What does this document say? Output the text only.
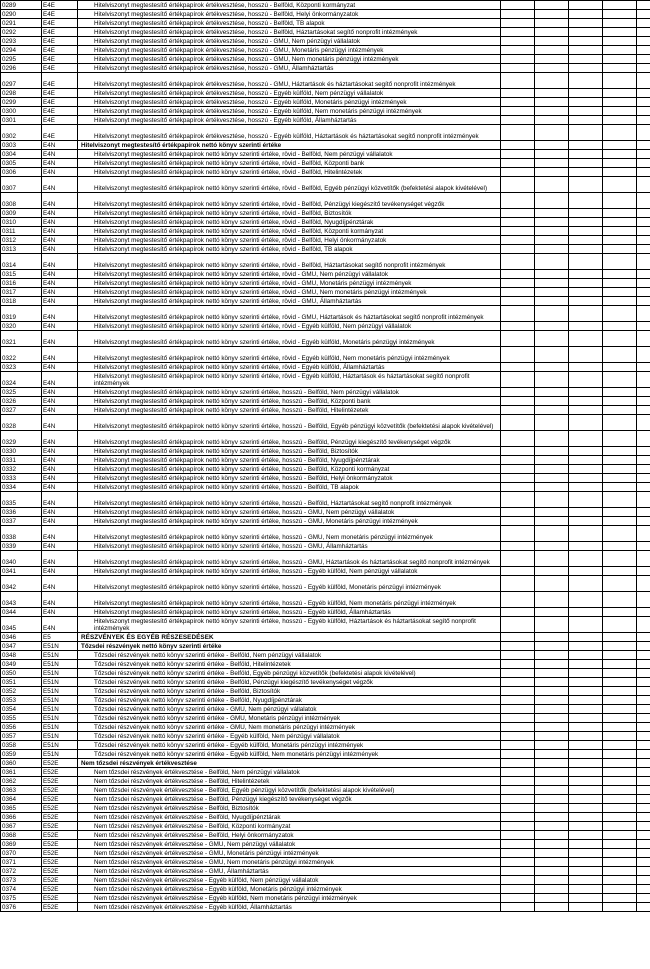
0289	E4E	Hitelviszonyt megtestesítő értékpapírok értékvesztése, hosszú - Belföld, Központi kormányzat					
0290	E4E	Hitelviszonyt megtestesítő értékpapírok értékvesztése, hosszú - Belföld, Helyi önkormányzatok					
0291	E4E	Hitelviszonyt megtestesítő értékpapírok értékvesztése, hosszú - Belföld, TB alapok					
0292	E4E	Hitelviszonyt megtestesítő értékpapírok értékvesztése, hosszú - Belföld, Háztartásokat segítő nonprofit intézmények					
0293	E4E	Hitelviszonyt megtestesítő értékpapírok értékvesztése, hosszú - GMU, Nem pénzügyi vállalatok					
0294	E4E	Hitelviszonyt megtestesítő értékpapírok értékvesztése, hosszú - GMU, Monetáris pénzügyi intézmények					
0295	E4E	Hitelviszonyt megtestesítő értékpapírok értékvesztése, hosszú - GMU, Nem monetáris pénzügyi intézmények					
0296	E4E	Hitelviszonyt megtestesítő értékpapírok értékvesztése, hosszú - GMU, Államháztartás					
0297	E4E	Hitelviszonyt megtestesítő értékpapírok értékvesztése, hosszú - GMU, Háztartások és háztartásokat segítő nonprofit intézmények					
0298	E4E	Hitelviszonyt megtestesítő értékpapírok értékvesztése, hosszú - Egyéb külföld, Nem pénzügyi vállalatok					
0299	E4E	Hitelviszonyt megtestesítő értékpapírok értékvesztése, hosszú - Egyéb külföld, Monetáris pénzügyi intézmények					
0300	E4E	Hitelviszonyt megtestesítő értékpapírok értékvesztése, hosszú - Egyéb külföld, Nem monetáris pénzügyi intézmények					
0301	E4E	Hitelviszonyt megtestesítő értékpapírok értékvesztése, hosszú - Egyéb külföld, Államháztartás					
0302	E4E	Hitelviszonyt megtestesítő értékpapírok értékvesztése, hosszú - Egyéb külföld, Háztartások és háztartásokat segítő nonprofit intézmények					
0303	E4N	Hitelviszonyt megtestesítő értékpapírok nettó könyv szerinti értéke					
0304	E4N	Hitelviszonyt megtestesítő értékpapírok nettó könyv szerinti értéke, rövid - Belföld, Nem pénzügyi vállalatok					
0305	E4N	Hitelviszonyt megtestesítő értékpapírok nettó könyv szerinti értéke, rövid - Belföld, Központi bank					
0306	E4N	Hitelviszonyt megtestesítő értékpapírok nettó könyv szerinti értéke, rövid - Belföld, Hitelintézetek					
0307	E4N	Hitelviszonyt megtestesítő értékpapírok nettó könyv szerinti értéke, rövid - Belföld, Egyéb pénzügyi közvetítők (befektetési alapok kivételével)					
0308	E4N	Hitelviszonyt megtestesítő értékpapírok nettó könyv szerinti értéke, rövid - Belföld, Pénzügyi kiegészítő tevékenységet végzők					
0309	E4N	Hitelviszonyt megtestesítő értékpapírok nettó könyv szerinti értéke, rövid - Belföld, Biztosítók					
0310	E4N	Hitelviszonyt megtestesítő értékpapírok nettó könyv szerinti értéke, rövid - Belföld, Nyugdíjpénztárak					
0311	E4N	Hitelviszonyt megtestesítő értékpapírok nettó könyv szerinti értéke, rövid - Belföld, Központi kormányzat					
0312	E4N	Hitelviszonyt megtestesítő értékpapírok nettó könyv szerinti értéke, rövid - Belföld, Helyi önkormányzatok					
0313	E4N	Hitelviszonyt megtestesítő értékpapírok nettó könyv szerinti értéke, rövid - Belföld, TB alapok					
0314	E4N	Hitelviszonyt megtestesítő értékpapírok nettó könyv szerinti értéke, rövid - Belföld, Háztartásokat segítő nonprofit intézmények					
0315	E4N	Hitelviszonyt megtestesítő értékpapírok nettó könyv szerinti értéke, rövid - GMU, Nem pénzügyi vállalatok					
0316	E4N	Hitelviszonyt megtestesítő értékpapírok nettó könyv szerinti értéke, rövid - GMU, Monetáris pénzügyi intézmények					
0317	E4N	Hitelviszonyt megtestesítő értékpapírok nettó könyv szerinti értéke, rövid - GMU, Nem monetáris pénzügyi intézmények					
0318	E4N	Hitelviszonyt megtestesítő értékpapírok nettó könyv szerinti értéke, rövid - GMU, Államháztartás					
0319	E4N	Hitelviszonyt megtestesítő értékpapírok nettó könyv szerinti értéke, rövid - GMU, Háztartások és háztartásokat segítő nonprofit intézmények					
0320	E4N	Hitelviszonyt megtestesítő értékpapírok nettó könyv szerinti értéke, rövid - Egyéb külföld, Nem pénzügyi vállalatok					
0321	E4N	Hitelviszonyt megtestesítő értékpapírok nettó könyv szerinti értéke, rövid - Egyéb külföld, Monetáris pénzügyi intézmények					
0322	E4N	Hitelviszonyt megtestesítő értékpapírok nettó könyv szerinti értéke, rövid - Egyéb külföld, Nem monetáris pénzügyi intézmények					
0323	E4N	Hitelviszonyt megtestesítő értékpapírok nettó könyv szerinti értéke, rövid - Egyéb külföld, Államháztartás					
0324	E4N	Hitelviszonyt megtestesítő értékpapírok nettó könyv szerinti értéke, rövid - Egyéb külföld, Háztartások és háztartásokat segítő nonprofit intézmények					
0325	E4N	Hitelviszonyt megtestesítő értékpapírok nettó könyv szerinti értéke, hosszú - Belföld, Nem pénzügyi vállalatok					
0326	E4N	Hitelviszonyt megtestesítő értékpapírok nettó könyv szerinti értéke, hosszú - Belföld, Központi bank					
0327	E4N	Hitelviszonyt megtestesítő értékpapírok nettó könyv szerinti értéke, hosszú - Belföld, Hitelintézetek					
0328	E4N	Hitelviszonyt megtestesítő értékpapírok nettó könyv szerinti értéke, hosszú - Belföld, Egyéb pénzügyi közvetítők (befektetési alapok kivételével)					
0329	E4N	Hitelviszonyt megtestesítő értékpapírok nettó könyv szerinti értéke, hosszú - Belföld, Pénzügyi kiegészítő tevékenységet végzők					
0330	E4N	Hitelviszonyt megtestesítő értékpapírok nettó könyv szerinti értéke, hosszú - Belföld, Biztosítók					
0331	E4N	Hitelviszonyt megtestesítő értékpapírok nettó könyv szerinti értéke, hosszú - Belföld, Nyugdíjpénztárak					
0332	E4N	Hitelviszonyt megtestesítő értékpapírok nettó könyv szerinti értéke, hosszú - Belföld, Központi kormányzat					
0333	E4N	Hitelviszonyt megtestesítő értékpapírok nettó könyv szerinti értéke, hosszú - Belföld, Helyi önkormányzatok					
0334	E4N	Hitelviszonyt megtestesítő értékpapírok nettó könyv szerinti értéke, hosszú - Belföld, TB alapok					
0335	E4N	Hitelviszonyt megtestesítő értékpapírok nettó könyv szerinti értéke, hosszú - Belföld, Háztartásokat segítő nonprofit intézmények					
0336	E4N	Hitelviszonyt megtestesítő értékpapírok nettó könyv szerinti értéke, hosszú - GMU, Nem pénzügyi vállalatok					
0337	E4N	Hitelviszonyt megtestesítő értékpapírok nettó könyv szerinti értéke, hosszú - GMU, Monetáris pénzügyi intézmények					
0338	E4N	Hitelviszonyt megtestesítő értékpapírok nettó könyv szerinti értéke, hosszú - GMU, Nem monetáris pénzügyi intézmények					
0339	E4N	Hitelviszonyt megtestesítő értékpapírok nettó könyv szerinti értéke, hosszú - GMU, Államháztartás					
0340	E4N	Hitelviszonyt megtestesítő értékpapírok nettó könyv szerinti értéke, hosszú - GMU, Háztartások és háztartásokat segítő nonprofit intézmények					
0341	E4N	Hitelviszonyt megtestesítő értékpapírok nettó könyv szerinti értéke, hosszú - Egyéb külföld, Nem pénzügyi vállalatok					
0342	E4N	Hitelviszonyt megtestesítő értékpapírok nettó könyv szerinti értéke, hosszú - Egyéb külföld, Monetáris pénzügyi intézmények					
0343	E4N	Hitelviszonyt megtestesítő értékpapírok nettó könyv szerinti értéke, hosszú - Egyéb külföld, Nem monetáris pénzügyi intézmények					
0344	E4N	Hitelviszonyt megtestesítő értékpapírok nettó könyv szerinti értéke, hosszú - Egyéb külföld, Államháztartás					
0345	E4N	Hitelviszonyt megtestesítő értékpapírok nettó könyv szerinti értéke, hosszú - Egyéb külföld, Háztartások és háztartásokat segítő nonprofit intézmények					
0346	E5	RÉSZVÉNYEK ÉS EGYÉB RÉSZESEDÉSEK					
0347	E51N	Tőzsdei részvények nettó könyv szerinti értéke					
0348	E51N	Tőzsdei részvények nettó könyv szerinti értéke - Belföld, Nem pénzügyi vállalatok					
0349	E51N	Tőzsdei részvények nettó könyv szerinti értéke - Belföld, Hitelintézetek					
0350	E51N	Tőzsdei részvények nettó könyv szerinti értéke - Belföld, Egyéb pénzügyi közvetítők (befektetési alapok kivételével)					
0351	E51N	Tőzsdei részvények nettó könyv szerinti értéke - Belföld, Pénzügyi kiegészítő tevékenységet végzők					
0352	E51N	Tőzsdei részvények nettó könyv szerinti értéke - Belföld, Biztosítók					
0353	E51N	Tőzsdei részvények nettó könyv szerinti értéke - Belföld, Nyugdíjpénztárak					
0354	E51N	Tőzsdei részvények nettó könyv szerinti értéke - GMU, Nem pénzügyi vállalatok					
0355	E51N	Tőzsdei részvények nettó könyv szerinti értéke - GMU, Monetáris pénzügyi intézmények					
0356	E51N	Tőzsdei részvények nettó könyv szerinti értéke - GMU, Nem monetáris pénzügyi intézmények					
0357	E51N	Tőzsdei részvények nettó könyv szerinti értéke - Egyéb külföld, Nem pénzügyi vállalatok					
0358	E51N	Tőzsdei részvények nettó könyv szerinti értéke - Egyéb külföld, Monetáris pénzügyi intézmények					
0359	E51N	Tőzsdei részvények nettó könyv szerinti értéke - Egyéb külföld, Nem monetáris pénzügyi intézmények					
0360	E52E	Nem tőzsdei részvények értékvesztése					
0361	E52E	Nem tőzsdei részvények értékvesztése - Belföld, Nem pénzügyi vállalatok					
0362	E52E	Nem tőzsdei részvények értékvesztése - Belföld, Hitelintézetek					
0363	E52E	Nem tőzsdei részvények értékvesztése - Belföld, Egyéb pénzügyi közvetítők (befektetési alapok kivételével)					
0364	E52E	Nem tőzsdei részvények értékvesztése - Belföld, Pénzügyi kiegészítő tevékenységet végzők					
0365	E52E	Nem tőzsdei részvények értékvesztése - Belföld, Biztosítók					
0366	E52E	Nem tőzsdei részvények értékvesztése - Belföld, Nyugdíjpénztárak					
0367	E52E	Nem tőzsdei részvények értékvesztése - Belföld, Központi kormányzat					
0368	E52E	Nem tőzsdei részvények értékvesztése - Belföld, Helyi önkormányzatok					
0369	E52E	Nem tőzsdei részvények értékvesztése - GMU, Nem pénzügyi vállalatok					
0370	E52E	Nem tőzsdei részvények értékvesztése - GMU, Monetáris pénzügyi intézmények					
0371	E52E	Nem tőzsdei részvények értékvesztése - GMU, Nem monetáris pénzügyi intézmények					
0372	E52E	Nem tőzsdei részvények értékvesztése - GMU, Államháztartás					
0373	E52E	Nem tőzsdei részvények értékvesztése - Egyéb külföld, Nem pénzügyi vállalatok					
0374	E52E	Nem tőzsdei részvények értékvesztése - Egyéb külföld, Monetáris pénzügyi intézmények					
0375	E52E	Nem tőzsdei részvények értékvesztése - Egyéb külföld, Nem monetáris pénzügyi intézmények					
0376	E52E	Nem tőzsdei részvények értékvesztése - Egyéb külföld, Államháztartás					
